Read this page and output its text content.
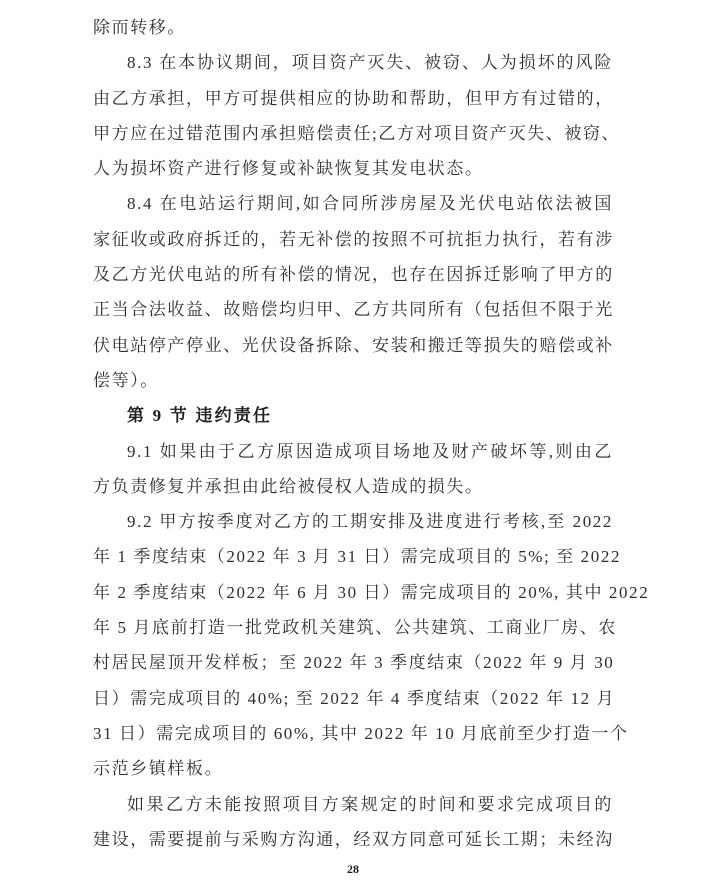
除而转移。
8.3 在本协议期间，项目资产灭失、被窃、人为损坏的风险
由乙方承担，甲方可提供相应的协助和帮助，但甲方有过错的，
甲方应在过错范围内承担赔偿责任;乙方对项目资产灭失、被窃、
人为损坏资产进行修复或补缺恢复其发电状态。
8.4 在电站运行期间,如合同所涉房屋及光伏电站依法被国
家征收或政府拆迁的，若无补偿的按照不可抗拒力执行，若有涉
及乙方光伏电站的所有补偿的情况，也存在因拆迁影响了甲方的
正当合法收益、故赔偿均归甲、乙方共同所有（包括但不限于光
伏电站停产停业、光伏设备拆除、安装和搬迁等损失的赔偿或补
偿等）。
第 9 节 违约责任
9.1 如果由于乙方原因造成项目场地及财产破坏等,则由乙
方负责修复并承担由此给被侵权人造成的损失。
9.2 甲方按季度对乙方的工期安排及进度进行考核,至 2022
年 1 季度结束（2022 年 3 月 31 日）需完成项目的 5%; 至 2022
年 2 季度结束（2022 年 6 月 30 日）需完成项目的 20%, 其中 2022
年 5 月底前打造一批党政机关建筑、公共建筑、工商业厂房、农
村居民屋顶开发样板；至 2022 年 3 季度结束（2022 年 9 月 30
日）需完成项目的 40%; 至 2022 年 4 季度结束（2022 年 12 月
31 日）需完成项目的 60%, 其中 2022 年 10 月底前至少打造一个
示范乡镇样板。
如果乙方未能按照项目方案规定的时间和要求完成项目的
建设，需要提前与采购方沟通，经双方同意可延长工期；未经沟
28
